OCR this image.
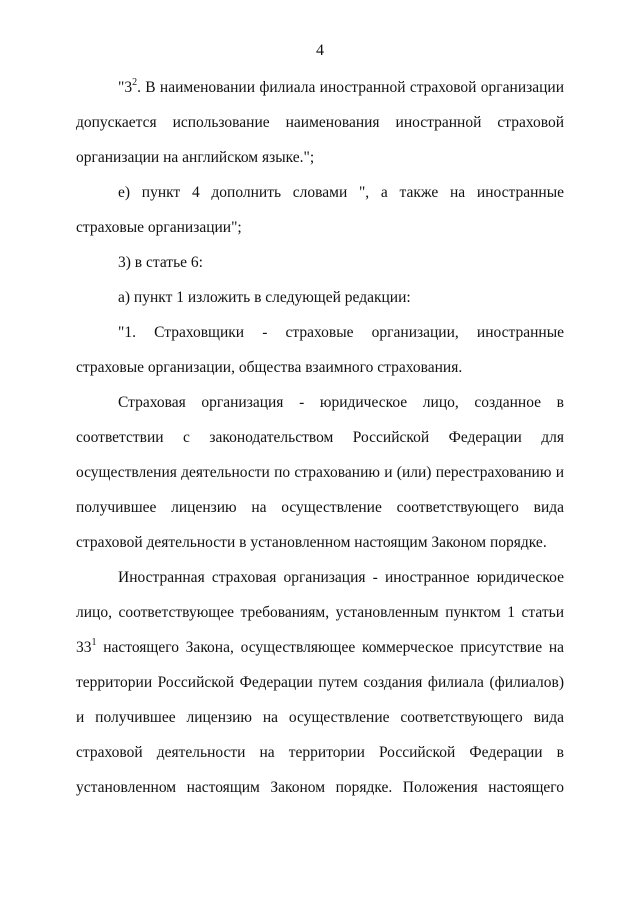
4

"$3^2$. В наименовании филиала иностранной страховой организации допускается использование наименования иностранной страховой организации на английском языке.";

е) пункт 4 дополнить словами ", а также на иностранные страховые организации";

3) в статье 6:

а) пункт 1 изложить в следующей редакции:

"1. Страховщики - страховые организации, иностранные страховые организации, общества взаимного страхования.

Страховая организация - юридическое лицо, созданное в соответствии с законодательством Российской Федерации для осуществления деятельности по страхованию и (или) перестрахованию и получившее лицензию на осуществление соответствующего вида страховой деятельности в установленном настоящим Законом порядке.

Иностранная страховая организация - иностранное юридическое лицо, соответствующее требованиям, установленным пунктом 1 статьи $33^1$ настоящего Закона, осуществляющее коммерческое присутствие на территории Российской Федерации путем создания филиала (филиалов) и получившее лицензию на осуществление соответствующего вида страховой деятельности на территории Российской Федерации в установленном настоящим Законом порядке. Положения настоящего
